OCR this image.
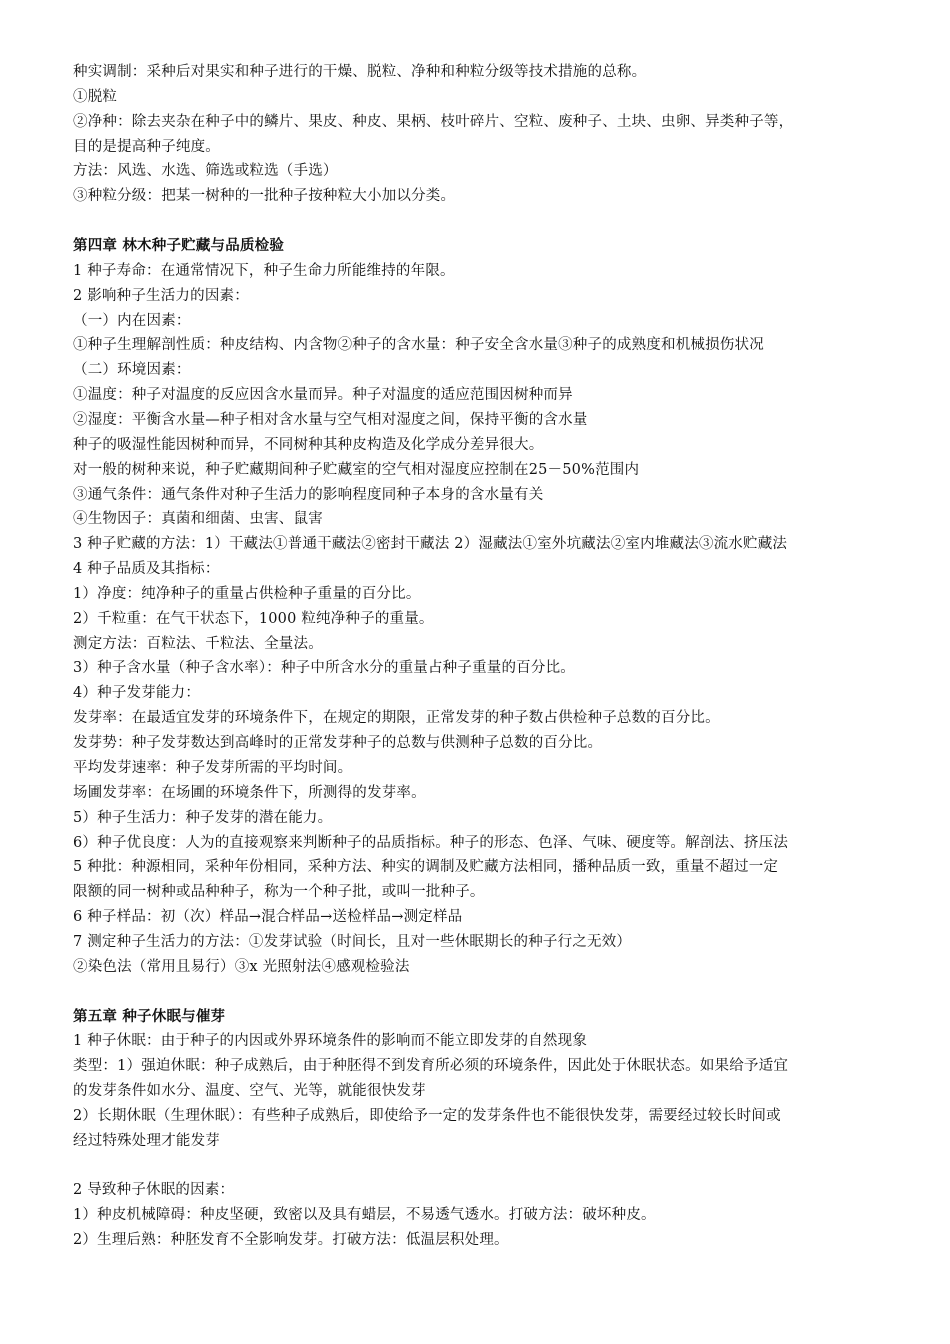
种实调制：采种后对果实和种子进行的干燥、脱粒、净种和种粒分级等技术措施的总称。
①脱粒
②净种：除去夹杂在种子中的鳞片、果皮、种皮、果柄、枝叶碎片、空粒、废种子、土块、虫卵、异类种子等，
目的是提高种子纯度。
方法：风选、水选、筛选或粒选（手选）
③种粒分级：把某一树种的一批种子按种粒大小加以分类。
第四章 林木种子贮藏与品质检验
1 种子寿命：在通常情况下，种子生命力所能维持的年限。
2 影响种子生活力的因素：
（一）内在因素：
①种子生理解剖性质：种皮结构、内含物②种子的含水量：种子安全含水量③种子的成熟度和机械损伤状况
（二）环境因素：
①温度：种子对温度的反应因含水量而异。种子对温度的适应范围因树种而异
②湿度：平衡含水量—种子相对含水量与空气相对湿度之间，保持平衡的含水量
种子的吸湿性能因树种而异，不同树种其种皮构造及化学成分差异很大。
对一般的树种来说，种子贮藏期间种子贮藏室的空气相对湿度应控制在25－50%范围内
③通气条件：通气条件对种子生活力的影响程度同种子本身的含水量有关
④生物因子：真菌和细菌、虫害、鼠害
3 种子贮藏的方法：1）干藏法①普通干藏法②密封干藏法 2）湿藏法①室外坑藏法②室内堆藏法③流水贮藏法
4 种子品质及其指标：
1）净度：纯净种子的重量占供检种子重量的百分比。
2）千粒重：在气干状态下，1000 粒纯净种子的重量。
测定方法：百粒法、千粒法、全量法。
3）种子含水量（种子含水率）：种子中所含水分的重量占种子重量的百分比。
4）种子发芽能力：
发芽率：在最适宜发芽的环境条件下，在规定的期限，正常发芽的种子数占供检种子总数的百分比。
发芽势：种子发芽数达到高峰时的正常发芽种子的总数与供测种子总数的百分比。
平均发芽速率：种子发芽所需的平均时间。
场圃发芽率：在场圃的环境条件下，所测得的发芽率。
5）种子生活力：种子发芽的潜在能力。
6）种子优良度：人为的直接观察来判断种子的品质指标。种子的形态、色泽、气味、硬度等。解剖法、挤压法
5 种批：种源相同，采种年份相同，采种方法、种实的调制及贮藏方法相同，播种品质一致，重量不超过一定
限额的同一树种或品种种子，称为一个种子批，或叫一批种子。
6 种子样品：初（次）样品→混合样品→送检样品→测定样品
7 测定种子生活力的方法：①发芽试验（时间长，且对一些休眠期长的种子行之无效）
②染色法（常用且易行）③x 光照射法④感观检验法
第五章 种子休眠与催芽
1 种子休眠：由于种子的内因或外界环境条件的影响而不能立即发芽的自然现象
类型：1）强迫休眠：种子成熟后，由于种胚得不到发育所必须的环境条件，因此处于休眠状态。如果给予适宜
的发芽条件如水分、温度、空气、光等，就能很快发芽
2）长期休眠（生理休眠）：有些种子成熟后，即使给予一定的发芽条件也不能很快发芽，需要经过较长时间或
经过特殊处理才能发芽
2 导致种子休眠的因素：
1）种皮机械障碍：种皮坚硬，致密以及具有蜡层，不易透气透水。打破方法：破坏种皮。
2）生理后熟：种胚发育不全影响发芽。打破方法：低温层积处理。
